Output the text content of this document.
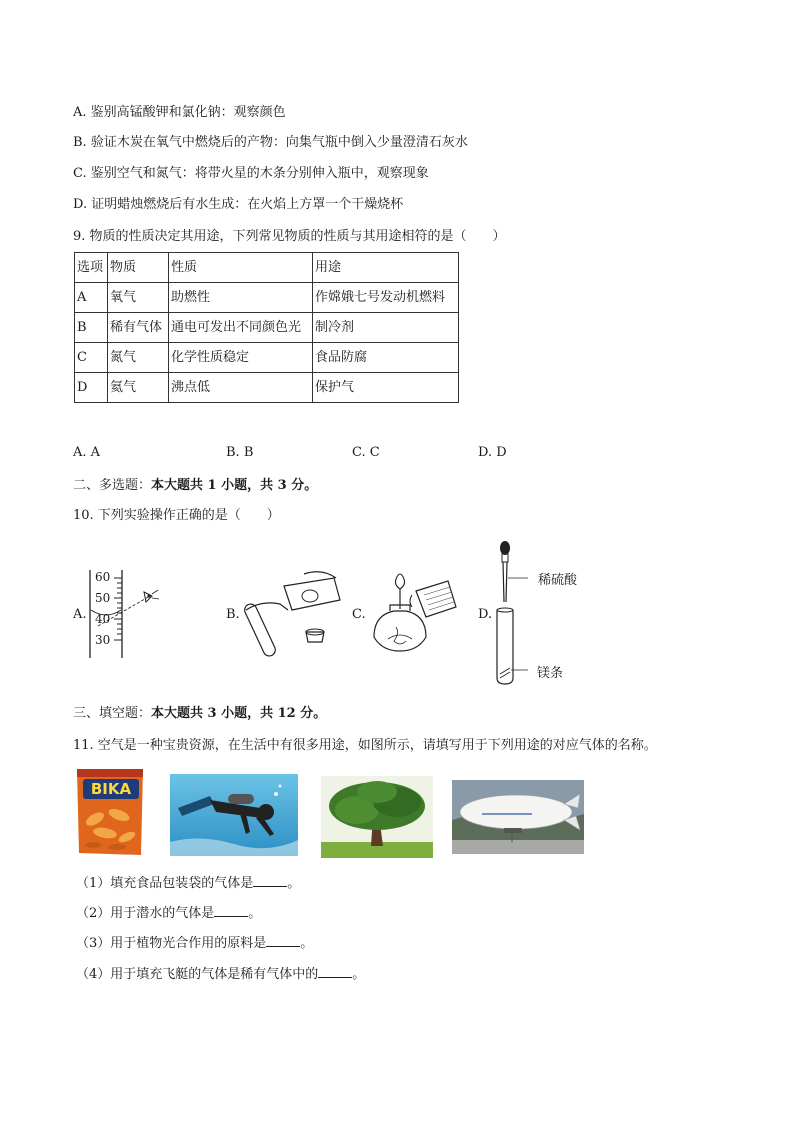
A. 鉴别高锰酸钾和氯化钠：观察颜色
B. 验证木炭在氧气中燃烧后的产物：向集气瓶中倒入少量澄清石灰水
C. 鉴别空气和氮气：将带火星的木条分别伸入瓶中，观察现象
D. 证明蜡烛燃烧后有水生成：在火焰上方罩一个干燥烧杯
9. 物质的性质决定其用途，下列常见物质的性质与其用途相符的是（　　）
选项	物质	性质	用途
A	氧气	助燃性	作嫦娥七号发动机燃料
B	稀有气体	通电可发出不同颜色光	制冷剂
C	氮气	化学性质稳定	食品防腐
D	氦气	沸点低	保护气
A. A	B. B	C. C	D. D
二、多选题：本大题共 1 小题，共 3 分。
10. 下列实验操作正确的是（　　）
A.	B.	C.	D.
60
50
40
30
稀硫酸
镁条
三、填空题：本大题共 3 小题，共 12 分。
11. 空气是一种宝贵资源，在生活中有很多用途，如图所示，请填写用于下列用途的对应气体的名称。
BIKA
（1）填充食品包装袋的气体是	。
（2）用于潜水的气体是	。
（3）用于植物光合作用的原料是	。
（4）用于填充飞艇的气体是稀有气体中的	。
